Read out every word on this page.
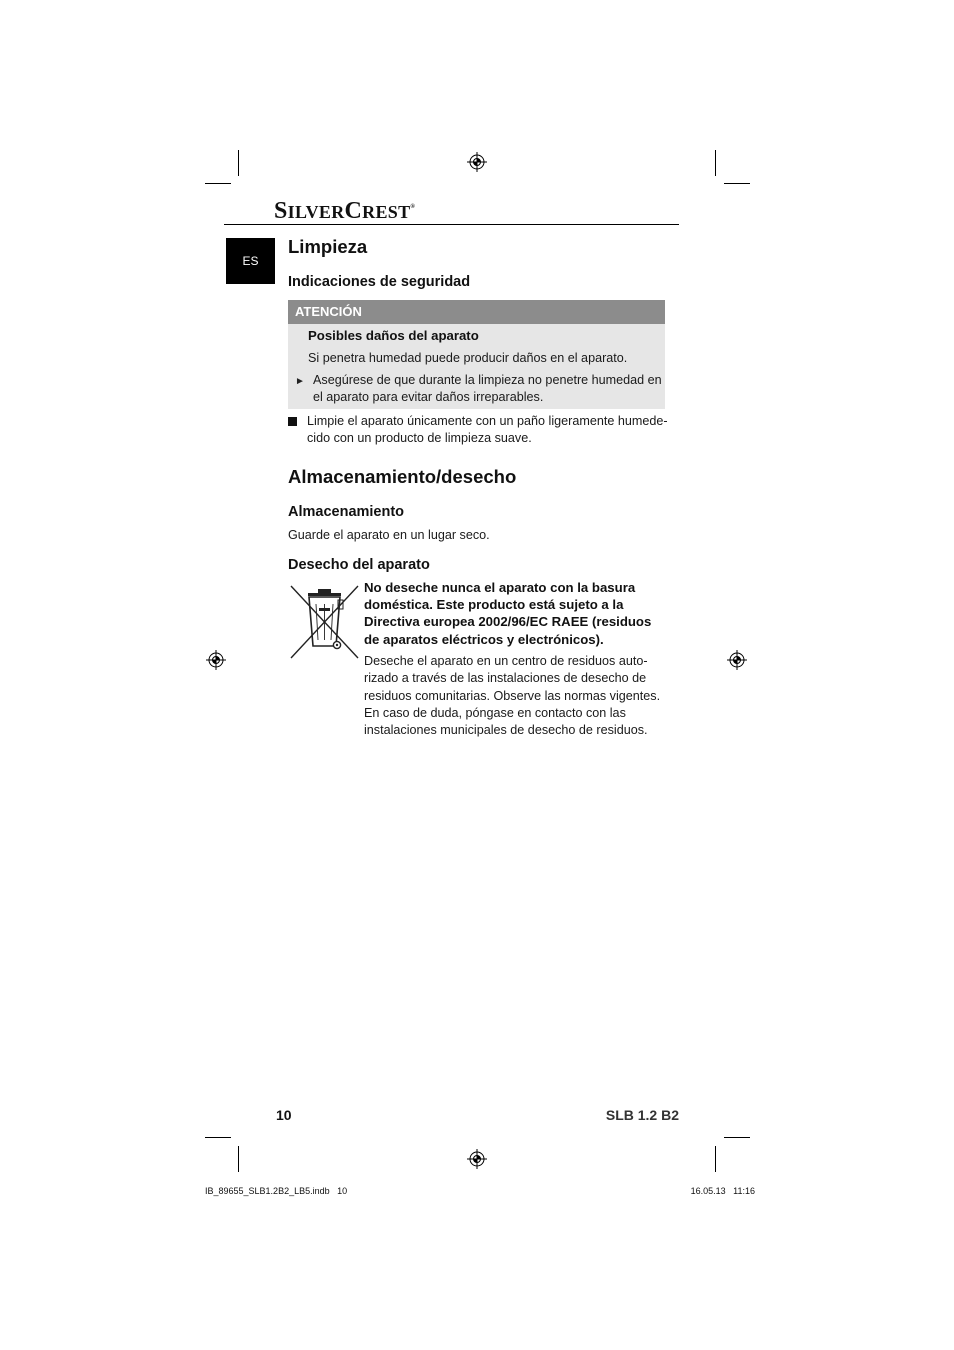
SILVERCREST®
ES
Limpieza
Indicaciones de seguridad
ATENCIÓN
Posibles daños del aparato
Si penetra humedad puede producir daños en el aparato.
► Asegúrese de que durante la limpieza no penetre humedad en
el aparato para evitar daños irreparables.
Limpie el aparato únicamente con un paño ligeramente humede-
cido con un producto de limpieza suave.
Almacenamiento/desecho
Almacenamiento
Guarde el aparato en un lugar seco.
Desecho del aparato
No deseche nunca el aparato con la basura
doméstica. Este producto está sujeto a la
Directiva europea 2002/96/EC RAEE (residuos
de aparatos eléctricos y electrónicos).
Deseche el aparato en un centro de residuos auto-
rizado a través de las instalaciones de desecho de
residuos comunitarias. Observe las normas vigentes.
En caso de duda, póngase en contacto con las
instalaciones municipales de desecho de residuos.
10	SLB 1.2 B2
IB_89655_SLB1.2B2_LB5.indb   10	16.05.13   11:16
